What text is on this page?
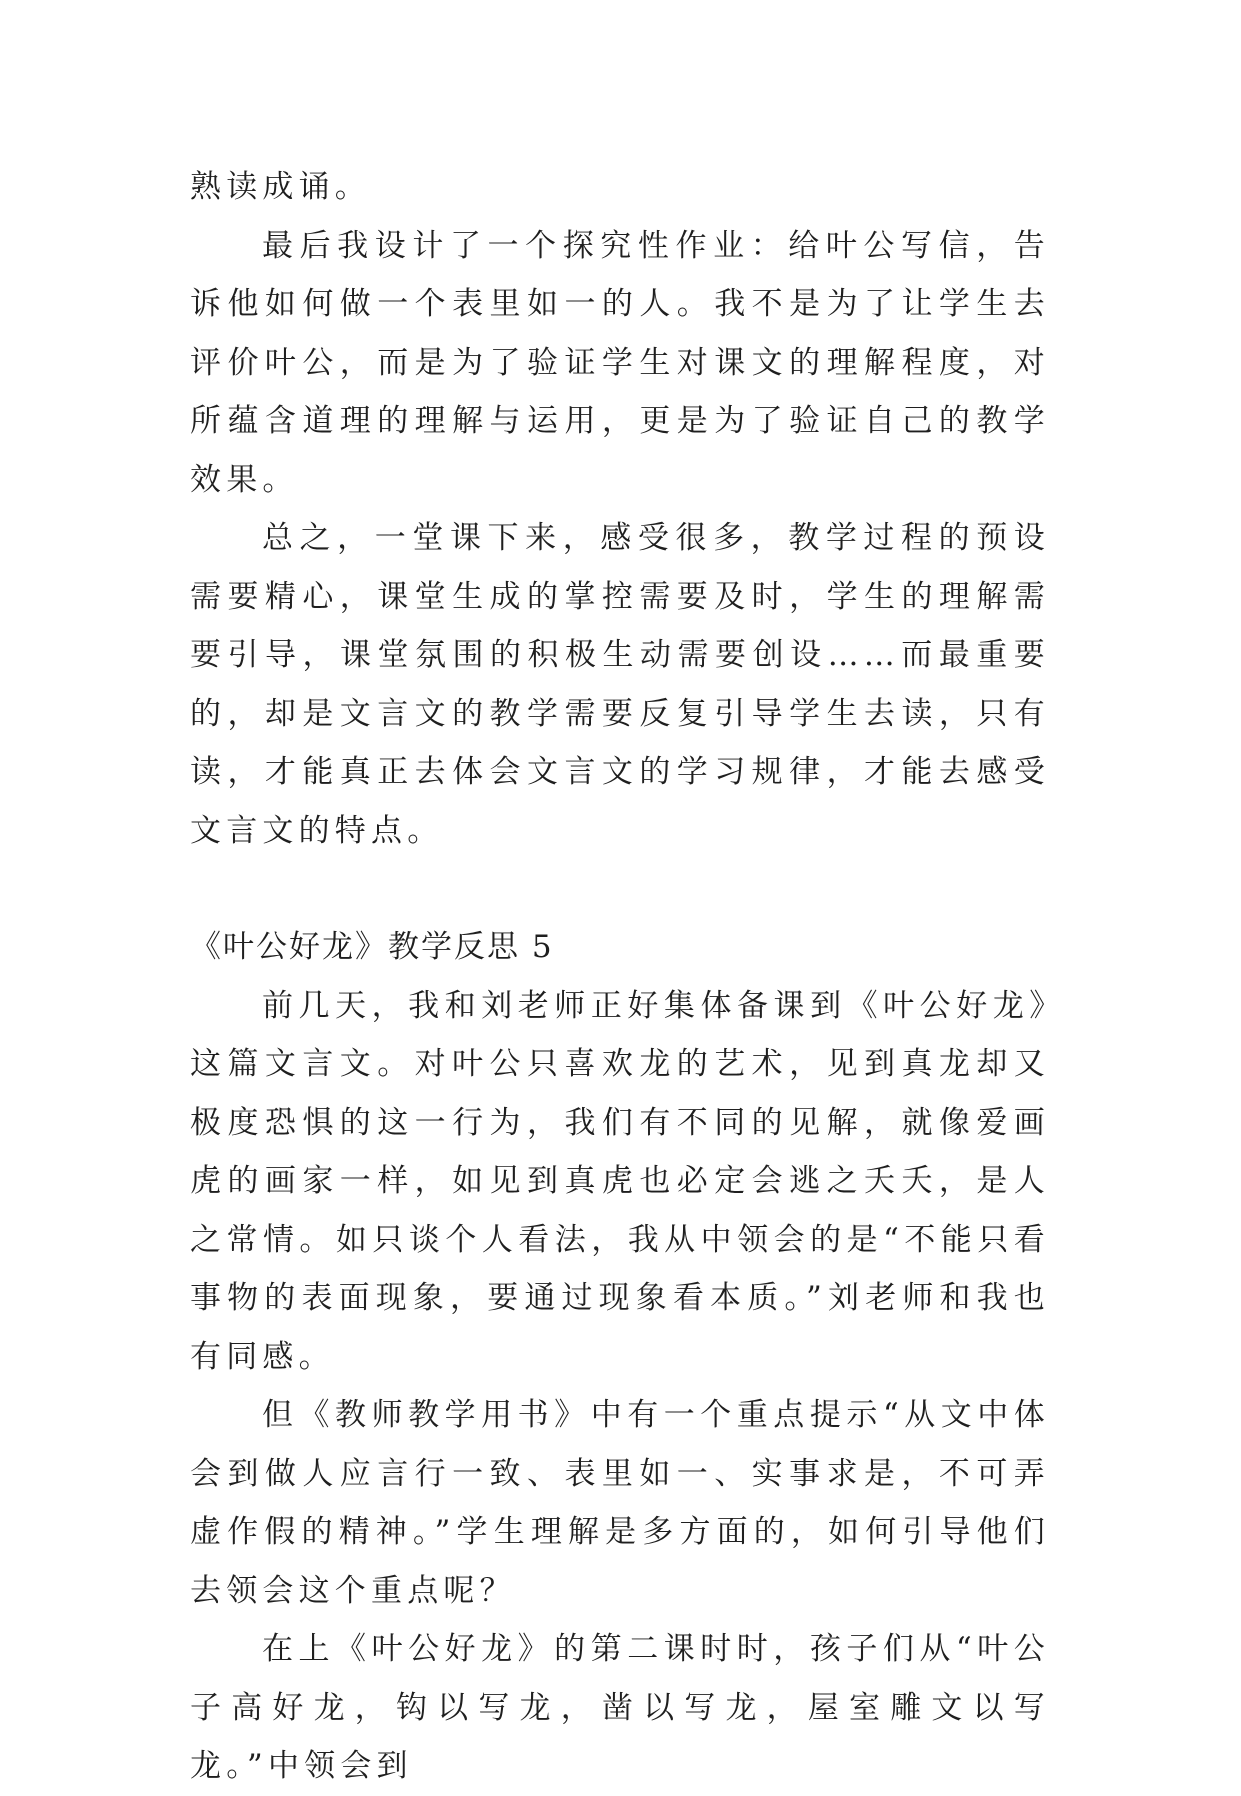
熟读成诵。

最后我设计了一个探究性作业：给叶公写信，告诉他如何做一个表里如一的人。我不是为了让学生去评价叶公，而是为了验证学生对课文的理解程度，对所蕴含道理的理解与运用，更是为了验证自己的教学效果。

总之，一堂课下来，感受很多，教学过程的预设需要精心，课堂生成的掌控需要及时，学生的理解需要引导，课堂氛围的积极生动需要创设……而最重要的，却是文言文的教学需要反复引导学生去读，只有读，才能真正去体会文言文的学习规律，才能去感受文言文的特点。

《叶公好龙》教学反思 5

前几天，我和刘老师正好集体备课到《叶公好龙》这篇文言文。对叶公只喜欢龙的艺术，见到真龙却又极度恐惧的这一行为，我们有不同的见解，就像爱画虎的画家一样，如见到真虎也必定会逃之夭夭，是人之常情。如只谈个人看法，我从中领会的是“不能只看事物的表面现象，要通过现象看本质。”刘老师和我也有同感。

但《教师教学用书》中有一个重点提示“从文中体会到做人应言行一致、表里如一、实事求是，不可弄虚作假的精神。”学生理解是多方面的，如何引导他们去领会这个重点呢？

在上《叶公好龙》的第二课时时，孩子们从“叶公子高好龙，钩以写龙，凿以写龙，屋室雕文以写龙。”中领会到
